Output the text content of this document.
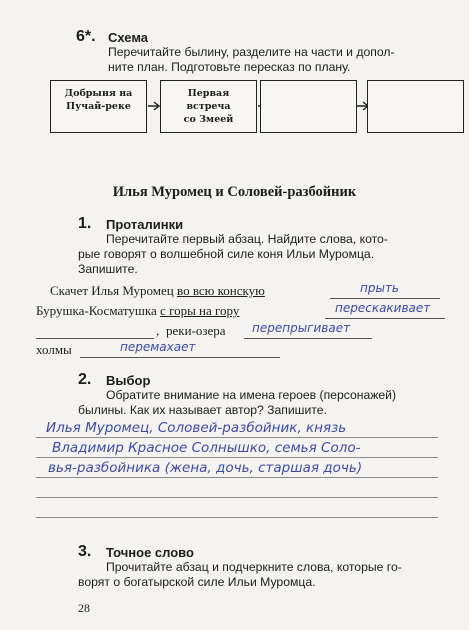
6*. Схема
Перечитайте былину, разделите на части и допол-
ните план. Подготовьте пересказ по плану.
Добрыня на
Пучай-реке
Первая
встреча
со Змеей
Илья Муромец и Соловей-разбойник
1. Проталинки
Перечитайте первый абзац. Найдите слова, кото-
рые говорят о волшебной силе коня Ильи Муромца.
Запишите.
Скачет Илья Муромец во всю конскую	прыть
Бурушка-Косматушка с горы на гору	перескакивает
, реки-озера перепрыгивает
холмы	перемахает
2. Выбор
Обратите внимание на имена героев (персонажей)
былины. Как их называет автор? Запишите.
Илья Муромец, Соловей-разбойник, князь
Владимир Красное Солнышко, семья Соло-
вья-разбойника (жена, дочь, старшая дочь)
3. Точное слово
Прочитайте абзац и подчеркните слова, которые го-
ворят о богатырской силе Ильи Муромца.
28
